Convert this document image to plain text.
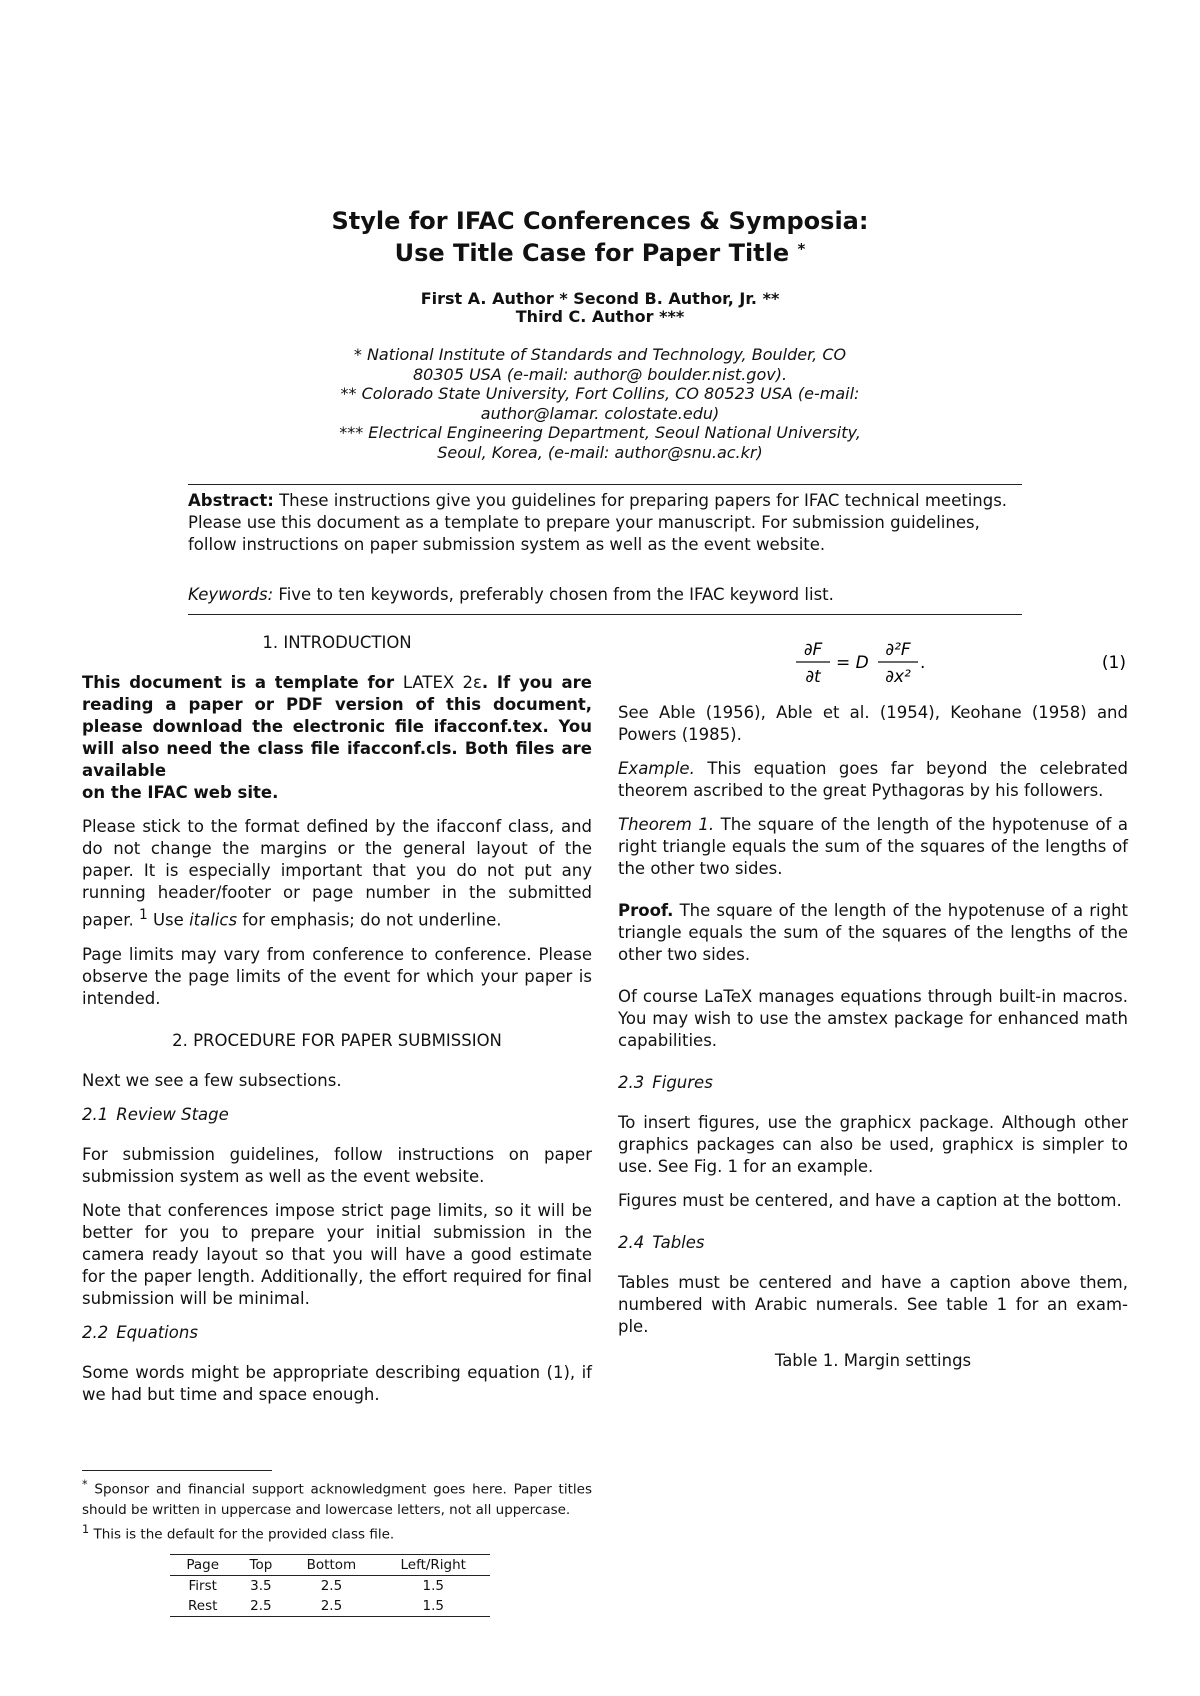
Style for IFAC Conferences & Symposia:
Use Title Case for Paper Title *
First A. Author * Second B. Author, Jr. **
Third C. Author ***
* National Institute of Standards and Technology, Boulder, CO
80305 USA (e-mail: author@ boulder.nist.gov).
** Colorado State University, Fort Collins, CO 80523 USA (e-mail:
author@lamar. colostate.edu)
*** Electrical Engineering Department, Seoul National University,
Seoul, Korea, (e-mail: author@snu.ac.kr)
Abstract: These instructions give you guidelines for preparing papers for IFAC technical meetings. Please use this document as a template to prepare your manuscript. For submission guidelines, follow instructions on paper submission system as well as the event website.
Keywords: Five to ten keywords, preferably chosen from the IFAC keyword list.
1. INTRODUCTION

This document is a template for LATEX 2ε. If you are reading a paper or PDF version of this document, please download the electronic file ifacconf.tex. You will also need the class file ifacconf.cls. Both files are available
on the IFAC web site.

Please stick to the format defined by the ifacconf class, and do not change the margins or the general layout of the paper. It is especially important that you do not put any running header/footer or page number in the submitted paper. $^1$ Use italics for emphasis; do not underline.

Page limits may vary from conference to conference. Please observe the page limits of the event for which your paper is intended.

2. PROCEDURE FOR PAPER SUBMISSION

Next we see a few subsections.

2.1 Review Stage

For submission guidelines, follow instructions on paper submission system as well as the event website.

Note that conferences impose strict page limits, so it will be better for you to prepare your initial submission in the camera ready layout so that you will have a good estimate for the paper length. Additionally, the effort required for final submission will be minimal.

2.2 Equations

Some words might be appropriate describing equation (1), if we had but time and space enough.

* Sponsor and financial support acknowledgment goes here. Paper titles should be written in uppercase and lowercase letters, not all uppercase.

$^1$ This is the default for the provided class file.

Page	Top	Bottom	Left/Right
First	3.5	2.5	1.5
Rest	2.5	2.5	1.5
∂F
∂t
= D
∂²F
∂x²
.	(1)

See Able (1956), Able et al. (1954), Keohane (1958) and Powers (1985).

Example. This equation goes far beyond the celebrated theorem ascribed to the great Pythagoras by his followers.

Theorem 1. The square of the length of the hypotenuse of a right triangle equals the sum of the squares of the lengths of the other two sides.

Proof. The square of the length of the hypotenuse of a right triangle equals the sum of the squares of the lengths of the other two sides.

Of course LaTeX manages equations through built-in macros. You may wish to use the amstex package for enhanced math capabilities.

2.3 Figures

To insert figures, use the graphicx package. Although other graphics packages can also be used, graphicx is simpler to use. See Fig. 1 for an example.

Figures must be centered, and have a caption at the bottom.

2.4 Tables

Tables must be centered and have a caption above them, numbered with Arabic numerals. See table 1 for an exam-ple.

Table 1. Margin settings
